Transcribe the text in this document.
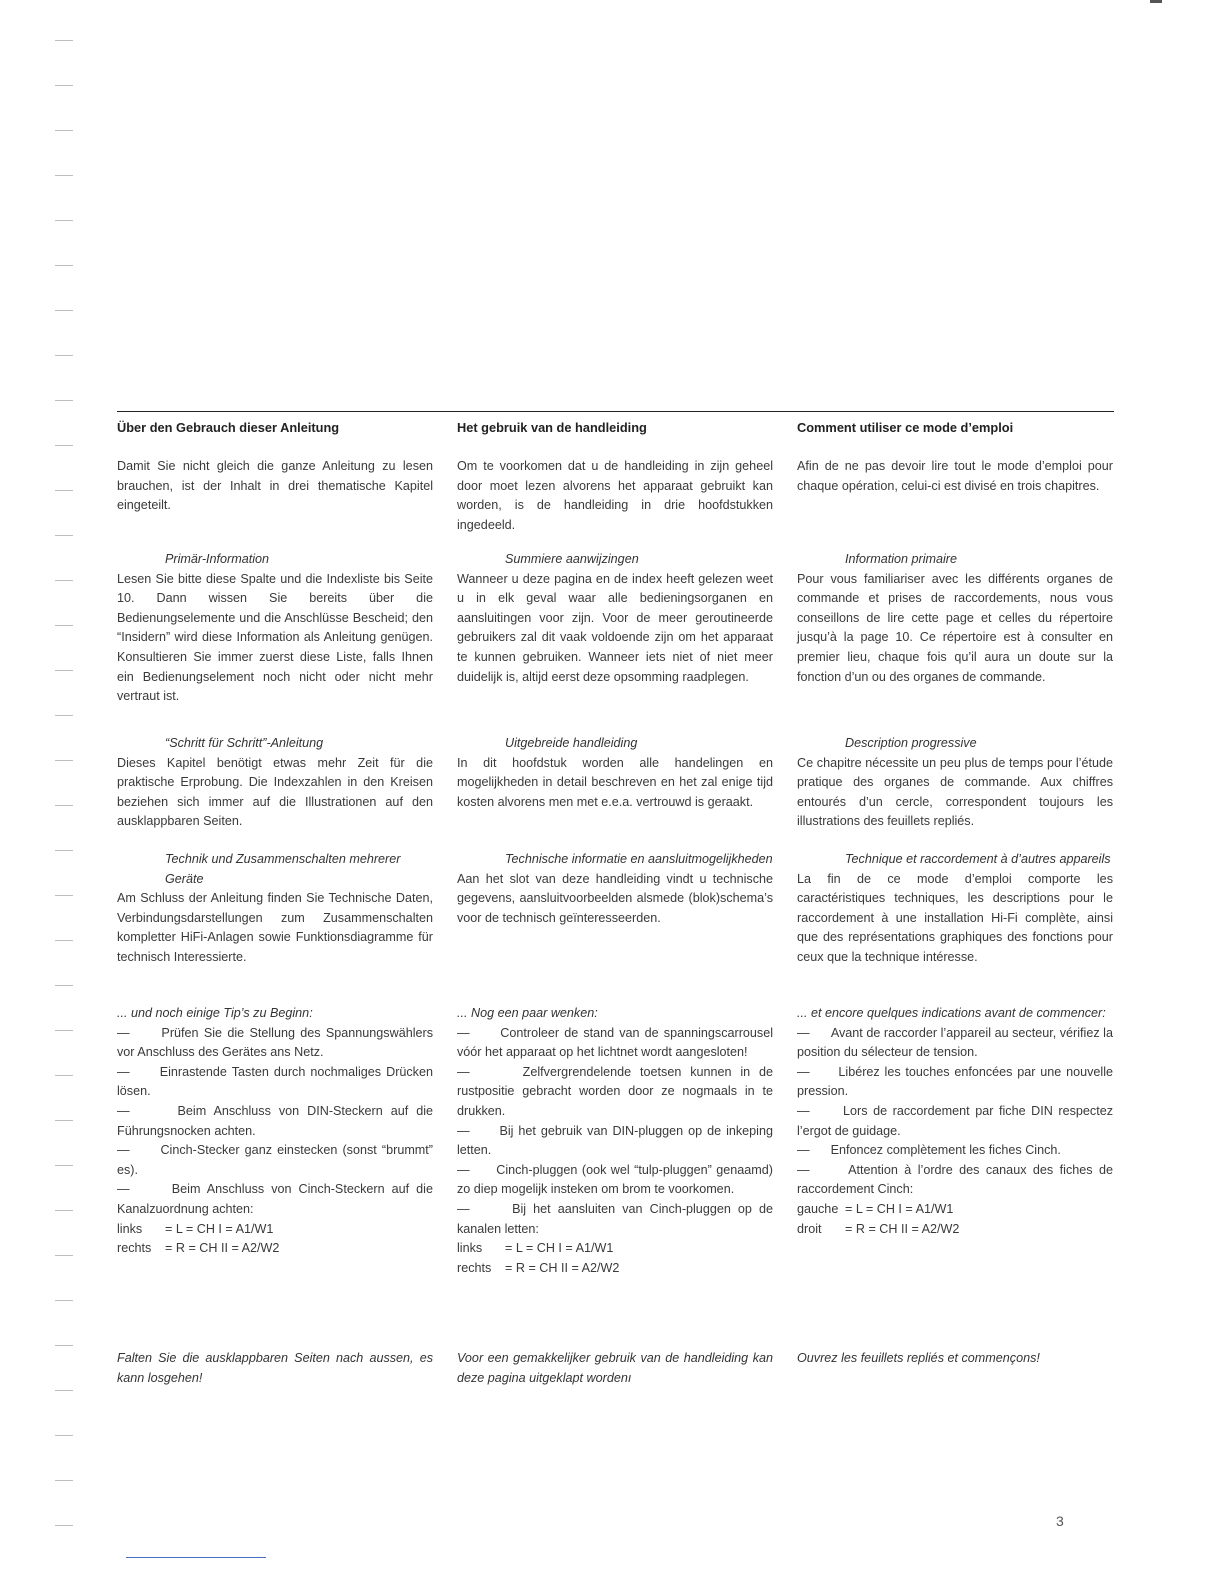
Über den Gebrauch dieser Anleitung

Damit Sie nicht gleich die ganze Anleitung zu lesen brauchen, ist der Inhalt in drei thematische Kapitel eingeteilt.

Primär-Information

Lesen Sie bitte diese Spalte und die Indexliste bis Seite 10. Dann wissen Sie bereits über die Bedienungselemente und die Anschlüsse Bescheid; den “Insidern” wird diese Information als Anleitung genügen. Konsultieren Sie immer zuerst diese Liste, falls Ihnen ein Bedienungselement noch nicht oder nicht mehr vertraut ist.

“Schritt für Schritt”-Anleitung

Dieses Kapitel benötigt etwas mehr Zeit für die praktische Erprobung. Die Indexzahlen in den Kreisen beziehen sich immer auf die Illustrationen auf den ausklappbaren Seiten.

Technik und Zusammenschalten mehrerer Geräte

Am Schluss der Anleitung finden Sie Technische Daten, Verbindungsdarstellungen zum Zusammenschalten kompletter HiFi-Anlagen sowie Funktionsdiagramme für technisch Interessierte.

... und noch einige Tip’s zu Beginn:

—	Prüfen Sie die Stellung des Spannungswählers vor Anschluss des Gerätes ans Netz.

— Einrastende Tasten durch nochmaliges Drücken lösen.

—	Beim Anschluss von DIN-Steckern auf die Führungsnocken achten.

— Cinch-Stecker ganz einstecken (sonst “brummt” es).

—	Beim Anschluss von Cinch-Steckern auf die Kanalzuordnung achten:

links	= L = CH I = A1/W1
rechts	= R = CH II = A2/W2

Falten Sie die ausklappbaren Seiten nach aussen, es kann losgehen!

Het gebruik van de handleiding

Om te voorkomen dat u de handleiding in zijn geheel door moet lezen alvorens het apparaat gebruikt kan worden, is de handleiding in drie hoofdstukken ingedeeld.

Summiere aanwijzingen

Wanneer u deze pagina en de index heeft gelezen weet u in elk geval waar alle bedieningsorganen en aansluitingen voor zijn. Voor de meer geroutineerde gebruikers zal dit vaak voldoende zijn om het apparaat te kunnen gebruiken. Wanneer iets niet of niet meer duidelijk is, altijd eerst deze opsomming raadplegen.

Uitgebreide handleiding

In dit hoofdstuk worden alle handelingen en mogelijkheden in detail beschreven en het zal enige tijd kosten alvorens men met e.e.a. vertrouwd is geraakt.

Technische informatie en aansluitmogelijkheden

Aan het slot van deze handleiding vindt u technische gegevens, aansluitvoorbeelden alsmede (blok)schema’s voor de technisch geïnteresseerden.

... Nog een paar wenken:

— Controleer de stand van de spanningscarrousel vóór het apparaat op het lichtnet wordt aangesloten!

—	Zelfvergrendelende toetsen kunnen in de rustpositie gebracht worden door ze nogmaals in te drukken.

— Bij het gebruik van DIN-pluggen op de inkeping letten.

— Cinch-pluggen (ook wel “tulp-pluggen” genaamd) zo diep mogelijk insteken om brom te voorkomen.

—	Bij het aansluiten van Cinch-pluggen op de kanalen letten:

links	= L = CH I = A1/W1
rechts	= R = CH II = A2/W2

Voor een gemakkelijker gebruik van de handleiding kan deze pagina uitgeklapt wordenı

Comment utiliser ce mode d’emploi

Afin de ne pas devoir lire tout le mode d’emploi pour chaque opération, celui-ci est divisé en trois chapitres.

Information primaire

Pour vous familiariser avec les différents organes de commande et prises de raccordements, nous vous conseillons de lire cette page et celles du répertoire jusqu’à la page 10. Ce répertoire est à consulter en premier lieu, chaque fois qu’il aura un doute sur la fonction d’un ou des organes de commande.

Description progressive

Ce chapitre nécessite un peu plus de temps pour l’étude pratique des organes de commande. Aux chiffres entourés d’un cercle, correspondent toujours les illustrations des feuillets repliés.

Technique et raccordement à d’autres appareils

La fin de ce mode d’emploi comporte les caractéristiques techniques, les descriptions pour le raccordement à une installation Hi-Fi complète, ainsi que des représentations graphiques des fonctions pour ceux que la technique intéresse.

... et encore quelques indications avant de commencer:

— Avant de raccorder l’appareil au secteur, vérifiez la position du sélecteur de tension.

— Libérez les touches enfoncées par une nouvelle pression.

—	Lors de raccordement par fiche DIN respectez l’ergot de guidage.

— Enfoncez complètement les fiches Cinch.

—	Attention à l’ordre des canaux des fiches de raccordement Cinch:

gauche = L = CH I = A1/W1
droit	= R = CH II = A2/W2

Ouvrez les feuillets repliés et commençons!

3
